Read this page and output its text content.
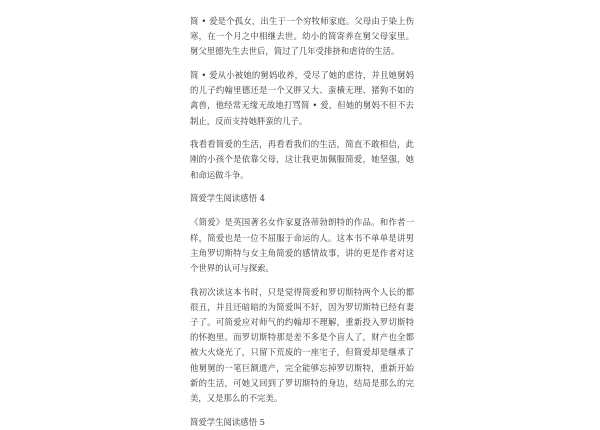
简 • 爱是个孤女，出生于一个穷牧师家庭。父母由于染上伤寒，在一个月之中相继去世。幼小的简寄养在舅父母家里。舅父里德先生去世后，简过了几年受排挤和虐待的生活。

简 • 爱从小被她的舅妈收养，受尽了她的虐待，并且她舅妈的儿子约翰里德还是一个又胖又大、蛮横无理、猪狗不如的禽兽，他经常无缘无故地打骂简 • 爱，但她的舅妈不但不去制止，反而支持她胖蛮的儿子。

我看看简爱的生活，再看看我们的生活，简直不敢相信，此刚的小孩个是依靠父母，这让我更加佩服简爱，她坚强，她和命运做斗争。

简爱学生阅读感悟 4

《简爱》是英国著名女作家夏洛蒂勃朗特的作品。和作者一样，简爱也是一位不屈服于命运的人。这本书不单单是讲男主角罗切斯特与女主角简爱的感情故事，讲的更是作者对这个世界的认可与探索。

我初次读这本书时，只是觉得简爱和罗切斯特两个人长的都很丑，并且还暗暗的为简爱叫不好，因为罗切斯特已经有妻子了。可简爱应对师气的约翰却不理解，重新投入罗切斯特的怀抱里。而罗切斯特那是差不多是个盲人了，财产也全都被大火烧光了，只留下荒废的一座宅子，但简爱却是继承了他舅舅的一笔巨额遗产，完全能够忘掉罗切斯特，重新开始新的生活，可她又回到了罗切斯特的身边，结局是那么的完美，又是那么的不完美。

简爱学生阅读感悟 5
